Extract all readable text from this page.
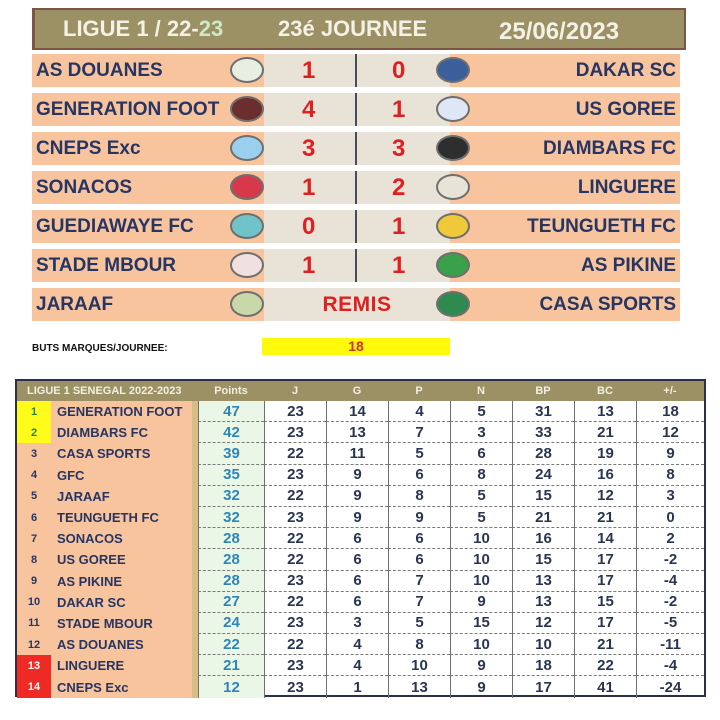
LIGUE 1 / 22-23 23é JOURNEE	25/06/2023
AS DOUANES	1	0	DAKAR SC
GENERATION FOOT	4	1	US GOREE
CNEPS Exc	3	3	DIAMBARS FC
SONACOS	1	2	LINGUERE
GUEDIAWAYE FC	0	1	TEUNGUETH FC
STADE MBOUR	1	1	AS PIKINE
JARAAF	REMIS	CASA SPORTS
BUTS MARQUES/JOURNEE:	18
LIGUE 1 SENEGAL 2022-2023	Points	J	G	P	N	BP	BC	+/-
1	GENERATION FOOT	47	23	14	4	5	31	13	18
2	DIAMBARS FC	42	23	13	7	3	33	21	12
3	CASA SPORTS	39	22	11	5	6	28	19	9
4	GFC	35	23	9	6	8	24	16	8
5	JARAAF	32	22	9	8	5	15	12	3
6	TEUNGUETH FC	32	23	9	9	5	21	21	0
7	SONACOS	28	22	6	6	10	16	14	2
8	US GOREE	28	22	6	6	10	15	17	-2
9	AS PIKINE	28	23	6	7	10	13	17	-4
10	DAKAR SC	27	22	6	7	9	13	15	-2
11	STADE MBOUR	24	23	3	5	15	12	17	-5
12	AS DOUANES	22	22	4	8	10	10	21	-11
13	LINGUERE	21	23	4	10	9	18	22	-4
14	CNEPS Exc	12	23	1	13	9	17	41	-24
